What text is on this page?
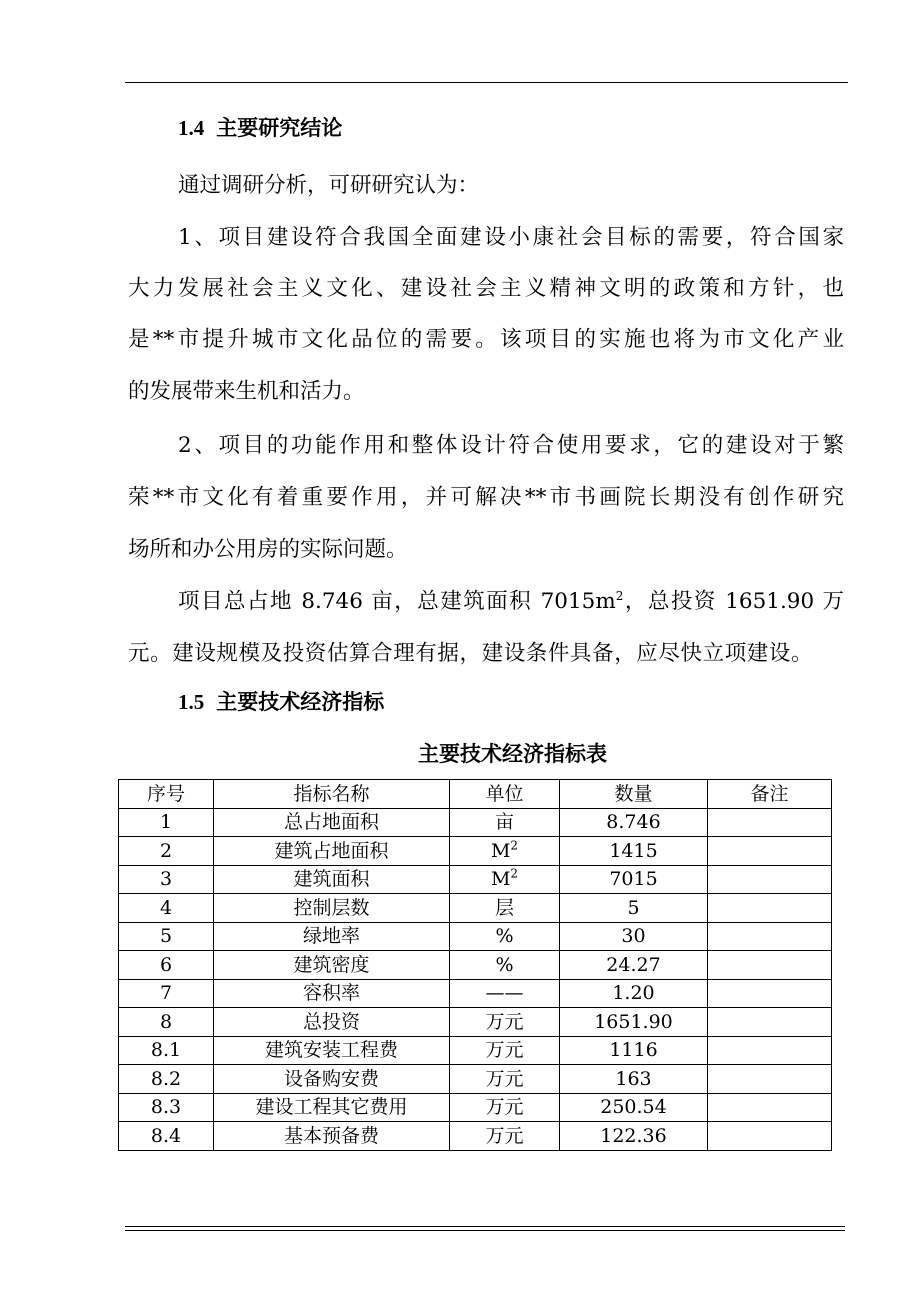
1.4 主要研究结论
通过调研分析，可研研究认为：
1、项目建设符合我国全面建设小康社会目标的需要，符合国家
大力发展社会主义文化、建设社会主义精神文明的政策和方针，也
是**市提升城市文化品位的需要。该项目的实施也将为市文化产业
的发展带来生机和活力。
2、项目的功能作用和整体设计符合使用要求，它的建设对于繁
荣**市文化有着重要作用，并可解决**市书画院长期没有创作研究
场所和办公用房的实际问题。
项目总占地 8.746 亩，总建筑面积 $7015m^2$，总投资 1651.90 万
元。建设规模及投资估算合理有据，建设条件具备，应尽快立项建设。
1.5 主要技术经济指标
主要技术经济指标表
序号	指标名称	单位	数量	备注
1	总占地面积	亩	8.746	
2	建筑占地面积	$M^2$	1415	
3	建筑面积	$M^2$	7015	
4	控制层数	层	5	
5	绿地率	%	30	
6	建筑密度	%	24.27	
7	容积率	——	1.20	
8	总投资	万元	1651.90	
8.1	建筑安装工程费	万元	1116	
8.2	设备购安费	万元	163	
8.3	建设工程其它费用	万元	250.54	
8.4	基本预备费	万元	122.36	
